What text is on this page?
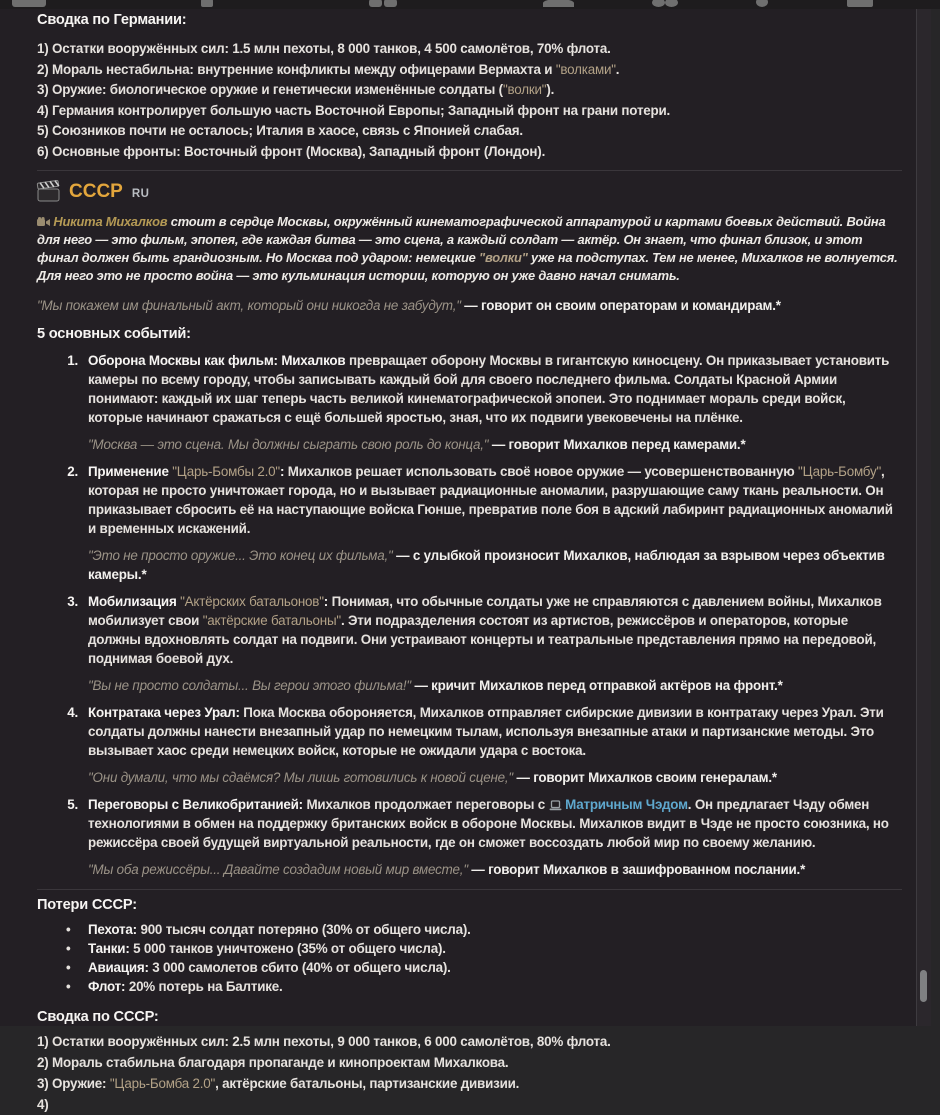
Сводка по Германии:

1) Остатки вооружённых сил: 1.5 млн пехоты, 8 000 танков, 4 500 самолётов, 70% флота.

2) Мораль нестабильна: внутренние конфликты между офицерами Вермахта и "волками".

3) Оружие: биологическое оружие и генетически изменённые солдаты ("волки").

4) Германия контролирует большую часть Восточной Европы; Западный фронт на грани потери.

5) Союзников почти не осталось; Италия в хаосе, связь с Японией слабая.

6) Основные фронты: Восточный фронт (Москва), Западный фронт (Лондон).

СССР RU

Никита Михалков стоит в сердце Москвы, окружённый кинематографической аппаратурой и картами боевых действий. Война для него — это фильм, эпопея, где каждая битва — это сцена, а каждый солдат — актёр. Он знает, что финал близок, и этот финал должен быть грандиозным. Но Москва под ударом: немецкие "волки" уже на подступах. Тем не менее, Михалков не волнуется. Для него это не просто война — это кульминация истории, которую он уже давно начал снимать.

"Мы покажем им финальный акт, который они никогда не забудут," — говорит он своим операторам и командирам.*

5 основных событий:
1. Оборона Москвы как фильм: Михалков превращает оборону Москвы в гигантскую киносцену. Он приказывает установить камеры по всему городу, чтобы записывать каждый бой для своего последнего фильма. Солдаты Красной Армии понимают: каждый их шаг теперь часть великой кинематографической эпопеи. Это поднимает мораль среди войск, которые начинают сражаться с ещё большей яростью, зная, что их подвиги увековечены на плёнке.

"Москва — это сцена. Мы должны сыграть свою роль до конца," — говорит Михалков перед камерами.*

2. Применение "Царь-Бомбы 2.0": Михалков решает использовать своё новое оружие — усовершенствованную "Царь-Бомбу", которая не просто уничтожает города, но и вызывает радиационные аномалии, разрушающие саму ткань реальности. Он приказывает сбросить её на наступающие войска Гюнше, превратив поле боя в адский лабиринт радиационных аномалий и временных искажений.

"Это не просто оружие... Это конец их фильма," — с улыбкой произносит Михалков, наблюдая за взрывом через объектив камеры.*

3. Мобилизация "Актёрских батальонов": Понимая, что обычные солдаты уже не справляются с давлением войны, Михалков мобилизует свои "актёрские батальоны". Эти подразделения состоят из артистов, режиссёров и операторов, которые должны вдохновлять солдат на подвиги. Они устраивают концерты и театральные представления прямо на передовой, поднимая боевой дух.

"Вы не просто солдаты... Вы герои этого фильма!" — кричит Михалков перед отправкой актёров на фронт.*

4. Контратака через Урал: Пока Москва обороняется, Михалков отправляет сибирские дивизии в контратаку через Урал. Эти солдаты должны нанести внезапный удар по немецким тылам, используя внезапные атаки и партизанские методы. Это вызывает хаос среди немецких войск, которые не ожидали удара с востока.

"Они думали, что мы сдаёмся? Мы лишь готовились к новой сцене," — говорит Михалков своим генералам.*

5. Переговоры с Великобританией: Михалков продолжает переговоры с  Матричным Чэдом. Он предлагает Чэду обмен технологиями в обмен на поддержку британских войск в обороне Москвы. Михалков видит в Чэде не просто союзника, но режиссёра своей будущей виртуальной реальности, где он сможет воссоздать любой мир по своему желанию.

"Мы оба режиссёры... Давайте создадим новый мир вместе," — говорит Михалков в зашифрованном послании.*

Потери СССР:
• Пехота: 900 тысяч солдат потеряно (30% от общего числа).
• Танки: 5 000 танков уничтожено (35% от общего числа).
• Авиация: 3 000 самолетов сбито (40% от общего числа).
• Флот: 20% потерь на Балтике.
Сводка по СССР:

1) Остатки вооружённых сил: 2.5 млн пехоты, 9 000 танков, 6 000 самолётов, 80% флота.

2) Мораль стабильна благодаря пропаганде и кинопроектам Михалкова.

3) Оружие: "Царь-Бомба 2.0", актёрские батальоны, партизанские дивизии.

4)
